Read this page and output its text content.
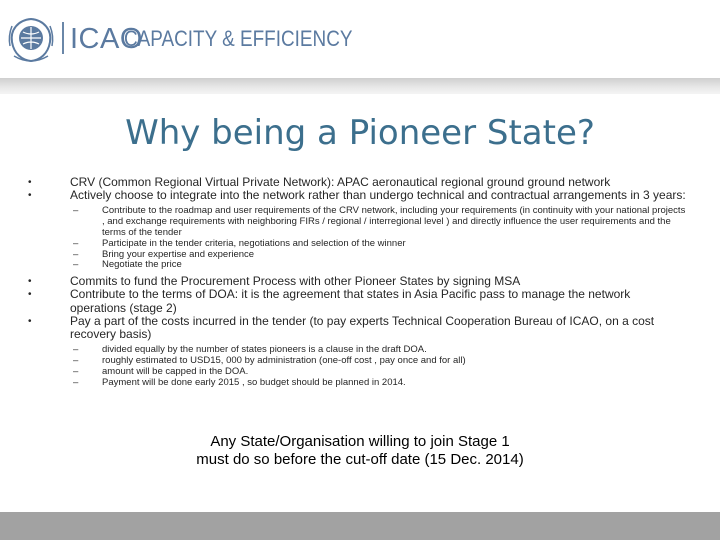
ICAO
CAPACITY & EFFICIENCY
Why being a Pioneer State?
•	CRV (Common Regional Virtual Private Network): APAC aeronautical regional ground ground network
•	Actively choose to integrate into the network rather than undergo technical and contractual arrangements in 3 years:
– Contribute to the roadmap and user requirements of the CRV network, including your requirements (in continuity with your national projects , and exchange requirements with neighboring FIRs / regional / interregional level ) and directly influence the user requirements and the terms of the tender
– Participate in the tender criteria, negotiations and selection of the winner
– Bring your expertise and experience
– Negotiate the price
•	Commits to fund the Procurement Process with other Pioneer States by signing MSA
•	Contribute to the terms of DOA: it is the agreement that states in Asia Pacific pass to manage the network operations (stage 2)
•	Pay a part of the costs incurred in the tender (to pay experts Technical Cooperation Bureau of ICAO, on a cost recovery basis)
– divided equally by the number of states pioneers is a clause in the draft DOA.
– roughly estimated to USD15, 000 by administration (one-off cost , pay once and for all)
– amount will be capped in the DOA.
– Payment will be done early 2015 , so budget should be planned in 2014.
Any State/Organisation willing to join Stage 1
must do so before the cut-off date (15 Dec. 2014)
